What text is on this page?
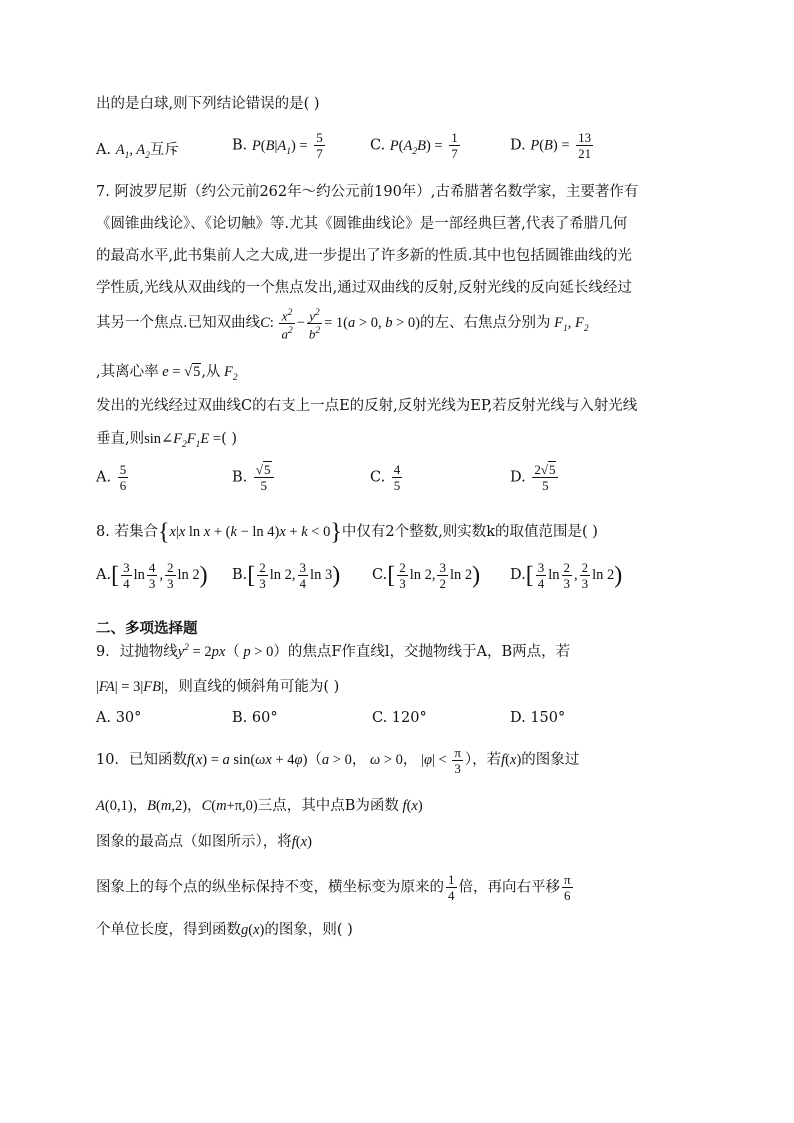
出的是白球,则下列结论错误的是( )
A. $A_1$, $A_2$互斥	B. $P(B|A_1) = \frac{5}{7}$	C. $P(A_2B) = \frac{1}{7}$	D. $P(B) = \frac{13}{21}$
7. 阿波罗尼斯（约公元前262年～约公元前190年）,古希腊著名数学家，主要著作有
《圆锥曲线论》、《论切触》等.尤其《圆锥曲线论》是一部经典巨著,代表了希腊几何
的最高水平,此书集前人之大成,进一步提出了许多新的性质.其中也包括圆锥曲线的光
学性质,光线从双曲线的一个焦点发出,通过双曲线的反射,反射光线的反向延长线经过
其另一个焦点.已知双曲线C: $\frac{x^2}{a^2} - \frac{y^2}{b^2} = 1(a > 0$, b > 0)的左、右焦点分别为 $F_1$, $F_2$
,其离心率 e = √5,从 $F_2$
发出的光线经过双曲线C的右支上一点E的反射,反射光线为EP,若反射光线与入射光线
垂直,则$\sin\angle F_2F_1E$ =( )
A. $\frac{5}{6}$	B. $\frac{√5}{5}$	C. $\frac{4}{5}$	D. $\frac{2√5}{5}$
8. 若集合{x|x ln x + (k − ln 4)x + k < 0}中仅有2个整数,则实数k的取值范围是( )
$A.[ \frac{3}{4}$ $\ln \frac{4}{3}$ , $\frac{2}{3}$ ln 2) $B.[ \frac{2}{3}$ ln 2, $\frac{3}{4}$ ln 3) $C.[ \frac{2}{3}$ ln 2, $\frac{3}{2}$ ln 2) $D.[ \frac{3}{4}$ $\ln \frac{2}{3}$ , $\frac{2}{3}$ ln 2)
二、多项选择题
9．过抛物线$y^2 = 2px$（ p > 0）的焦点F作直线l，交抛物线于A，B两点，若
|FA| = 3|FB|，则直线的倾斜角可能为( )
A. 30°	B. 60°	C. 120°	D. 150°
10．已知函数f(x) = a sin(ωx + 4φ)（a > 0， ω > 0， $|\varphi| < \frac{\pi}{3}$ ），若f(x)的图象过
A(0,1)，B(m,2)，C(m+π,0)三点，其中点B为函数 f(x)
图象的最高点（如图所示），将f(x)
图象上的每个点的纵坐标保持不变，横坐标变为原来的 $\frac{1}{4}$ 倍，再向右平移 $\frac{\pi}{6}$
个单位长度，得到函数g(x)的图象，则( )
